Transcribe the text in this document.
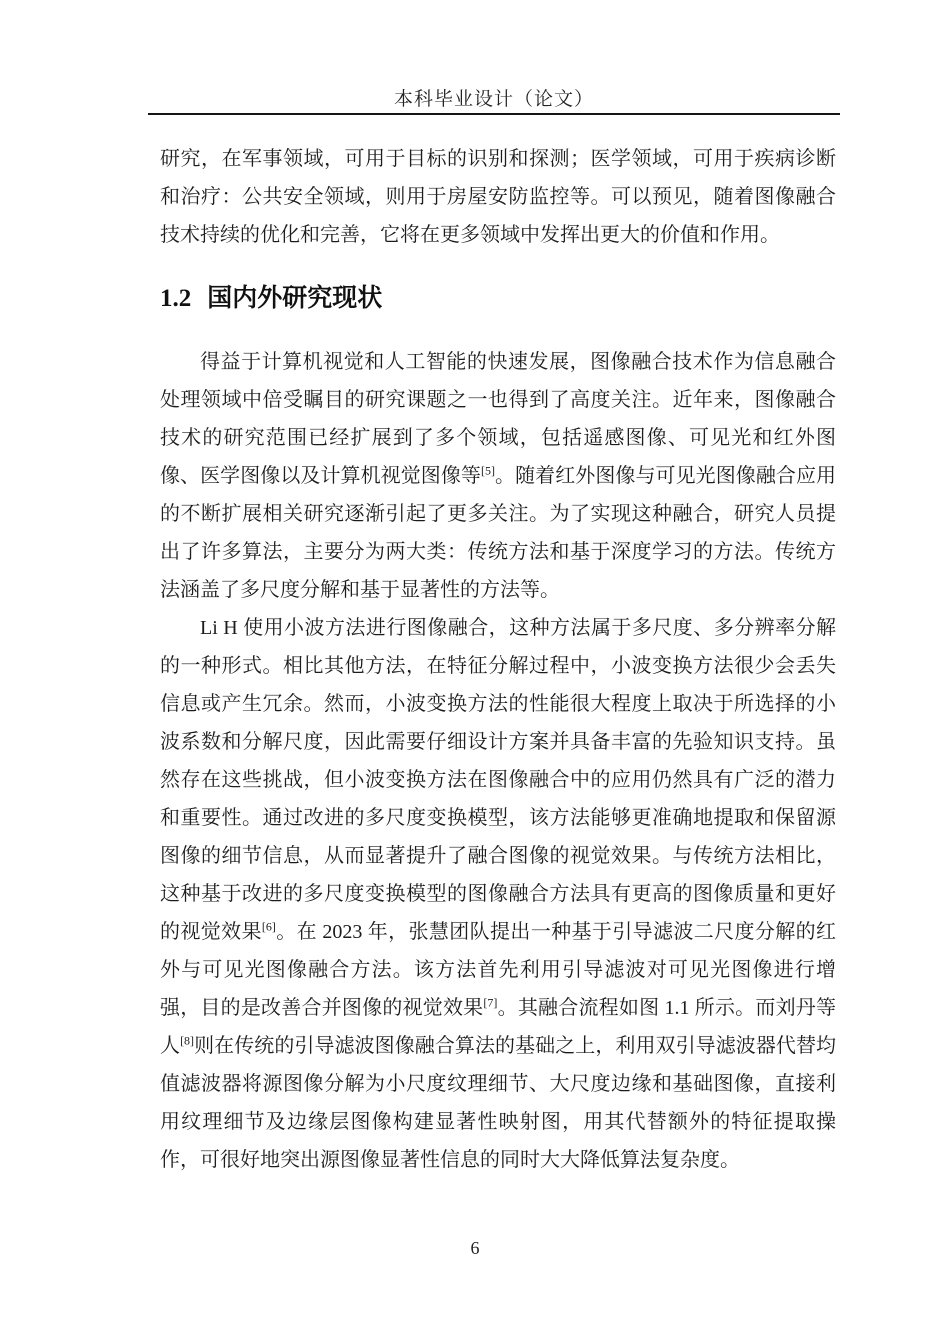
本科毕业设计（论文）

研究，在军事领域，可用于目标的识别和探测；医学领域，可用于疾病诊断和治疗：公共安全领域，则用于房屋安防监控等。可以预见，随着图像融合技术持续的优化和完善，它将在更多领域中发挥出更大的价值和作用。

1.2 国内外研究现状

得益于计算机视觉和人工智能的快速发展，图像融合技术作为信息融合处理领域中倍受瞩目的研究课题之一也得到了高度关注。近年来，图像融合技术的研究范围已经扩展到了多个领域，包括遥感图像、可见光和红外图像、医学图像以及计算机视觉图像等[5]。随着红外图像与可见光图像融合应用的不断扩展相关研究逐渐引起了更多关注。为了实现这种融合，研究人员提出了许多算法，主要分为两大类：传统方法和基于深度学习的方法。传统方法涵盖了多尺度分解和基于显著性的方法等。

Li H 使用小波方法进行图像融合，这种方法属于多尺度、多分辨率分解的一种形式。相比其他方法，在特征分解过程中，小波变换方法很少会丢失信息或产生冗余。然而，小波变换方法的性能很大程度上取决于所选择的小波系数和分解尺度，因此需要仔细设计方案并具备丰富的先验知识支持。虽然存在这些挑战，但小波变换方法在图像融合中的应用仍然具有广泛的潜力和重要性。通过改进的多尺度变换模型，该方法能够更准确地提取和保留源图像的细节信息，从而显著提升了融合图像的视觉效果。与传统方法相比，这种基于改进的多尺度变换模型的图像融合方法具有更高的图像质量和更好的视觉效果[6]。在 2023 年，张慧团队提出一种基于引导滤波二尺度分解的红外与可见光图像融合方法。该方法首先利用引导滤波对可见光图像进行增强，目的是改善合并图像的视觉效果[7]。其融合流程如图 1.1 所示。而刘丹等人[8]则在传统的引导滤波图像融合算法的基础之上，利用双引导滤波器代替均值滤波器将源图像分解为小尺度纹理细节、大尺度边缘和基础图像，直接利用纹理细节及边缘层图像构建显著性映射图，用其代替额外的特征提取操作，可很好地突出源图像显著性信息的同时大大降低算法复杂度。

6
